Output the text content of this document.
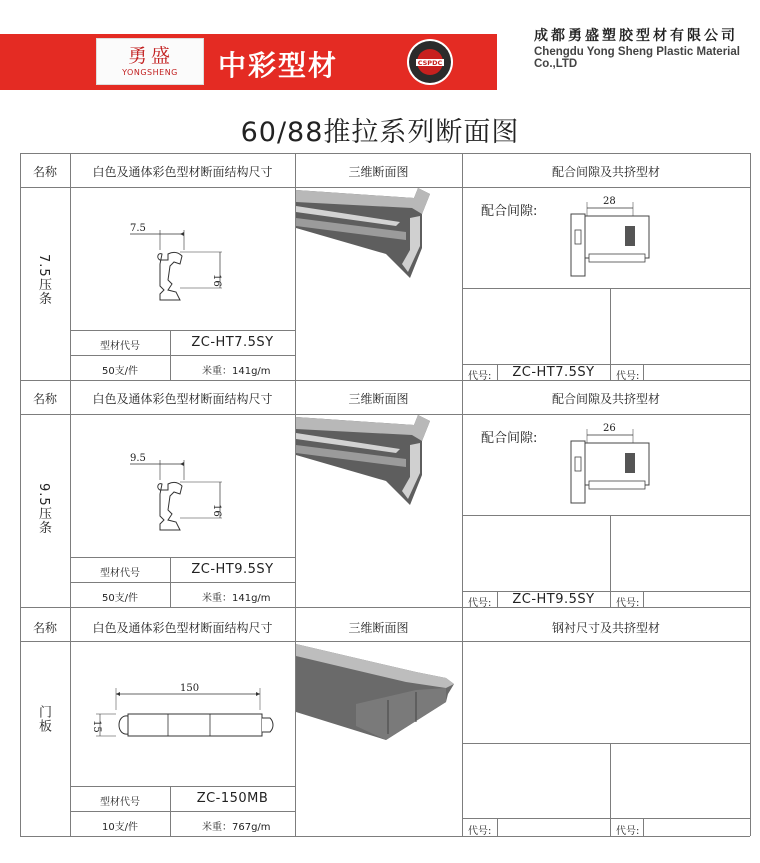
勇盛
YONGSHENG	中彩型材	CSPDC
成都勇盛塑胶型材有限公司
Chengdu Yong Sheng Plastic Material Co.,LTD
60/88推拉系列断面图
名称	白色及通体彩色型材断面结构尺寸	三维断面图	配合间隙及共挤型材
7.5压条
7.5
16
型材代号	ZC-HT7.5SY
50支/件	米重：141g/m
配合间隙:
28
代号:	ZC-HT7.5SY	代号:
名称	白色及通体彩色型材断面结构尺寸	三维断面图	配合间隙及共挤型材
9.5压条
9.5
16
型材代号	ZC-HT9.5SY
50支/件	米重：141g/m
配合间隙:
26
代号:	ZC-HT9.5SY	代号:
名称	白色及通体彩色型材断面结构尺寸	三维断面图	钢衬尺寸及共挤型材
门板
150
15
型材代号	ZC-150MB
10支/件	米重：767g/m	代号:	代号:
